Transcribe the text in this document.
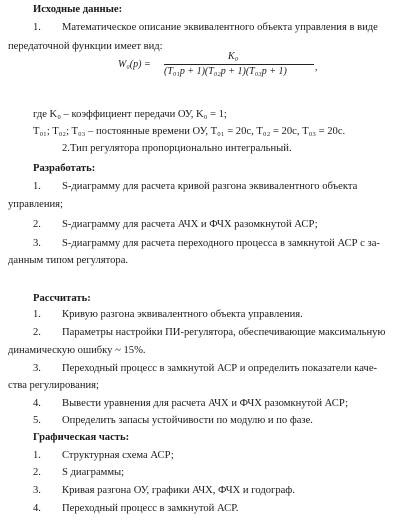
Исходные данные:
1. Математическое описание эквивалентного объекта управления в виде
передаточной функции имеет вид:
W₀(p) =
K₀
(T₀₁p + 1)(T₀₂p + 1)(T₀₃p + 1)	,
где K₀ – коэффициент передачи ОУ, K₀ = 1;
T₀₁; T₀₂; T₀₃ – постоянные времени ОУ, T₀₁ = 20с, T₀₂ = 20с, T₀₃ = 20с.
2.Тип регулятора пропорционально интегральный.
Разработать:
1. S-диаграмму для расчета кривой разгона эквивалентного объекта
управления;
2. S-диаграмму для расчета АЧХ и ФЧХ разомкнутой АСР;
3. S-диаграмму для расчета переходного процесса в замкнутой АСР с за-
данным типом регулятора.
Рассчитать:
1. Кривую разгона эквивалентного объекта управления.
2. Параметры настройки ПИ-регулятора, обеспечивающие максимальную
динамическую ошибку ~ 15%.
3. Переходный процесс в замкнутой АСР и определить показатели каче-
ства регулирования;
4. Вывести уравнения для расчета АЧХ и ФЧХ разомкнутой АСР;
5. Определить запасы устойчивости по модулю и по фазе.
Графическая часть:
1. Структурная схема АСР;
2. S диаграммы;
3. Кривая разгона ОУ, графики АЧХ, ФЧХ и годограф.
4. Переходный процесс в замкнутой АСР.
